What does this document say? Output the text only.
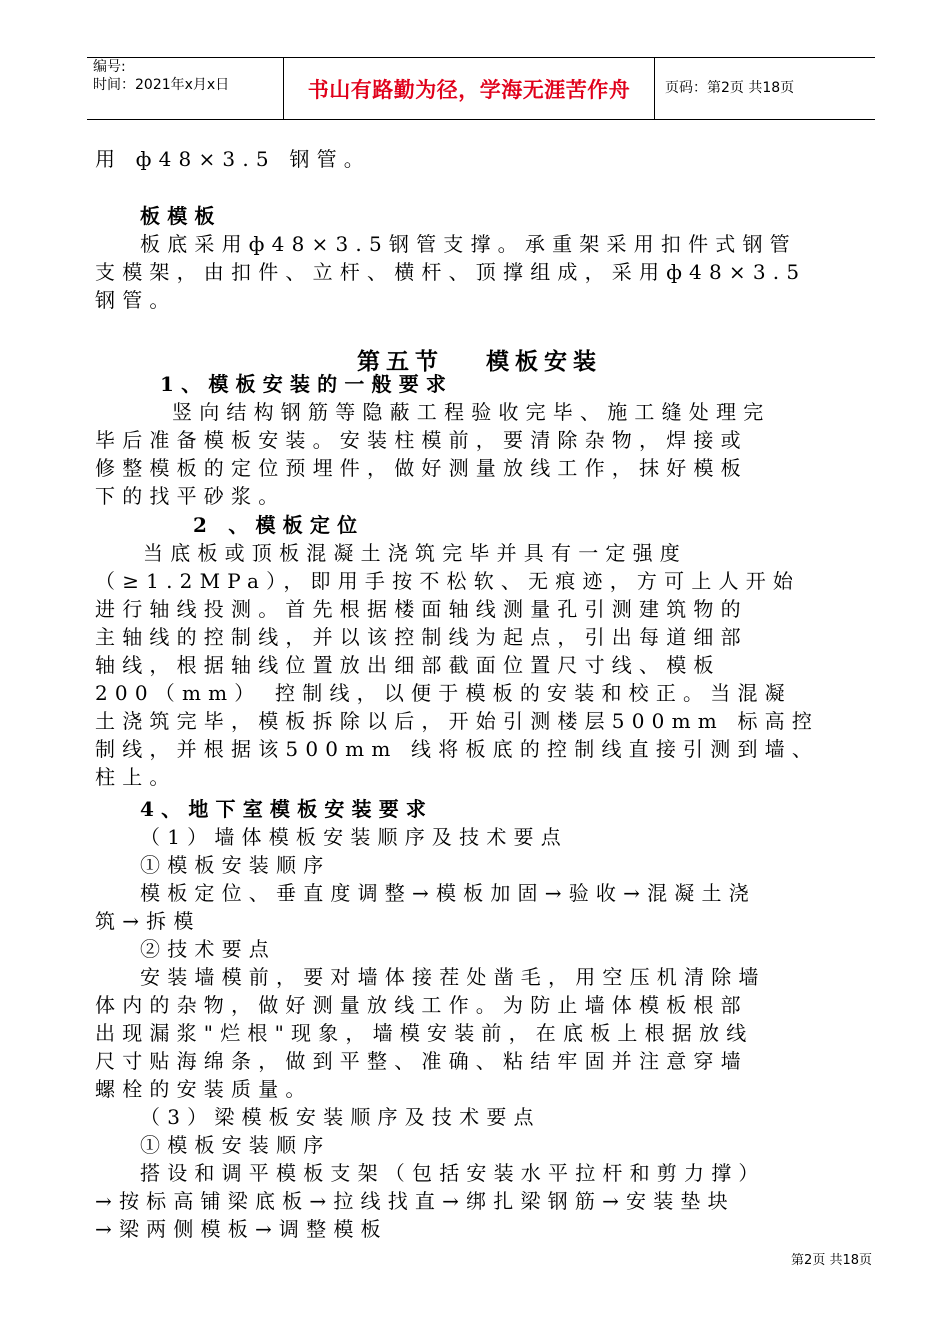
编号:
时间：2021年x月x日	书山有路勤为径，学海无涯苦作舟 页码：第2页 共18页
用 ф48×3.5 钢管。
板模板
板底采用ф48×3.5钢管支撑。承重架采用扣件式钢管
支模架，由扣件、立杆、横杆、顶撑组成，采用ф48×3.5
钢管。
第五节   模板安装
1、模板安装的一般要求
竖向结构钢筋等隐蔽工程验收完毕、施工缝处理完
毕后准备模板安装。安装柱模前，要清除杂物，焊接或
修整模板的定位预埋件，做好测量放线工作，抹好模板
下的找平砂浆。
2 、模板定位
当底板或顶板混凝土浇筑完毕并具有一定强度
（≥1.2MPa），即用手按不松软、无痕迹，方可上人开始
进行轴线投测。首先根据楼面轴线测量孔引测建筑物的
主轴线的控制线，并以该控制线为起点，引出每道细部
轴线，根据轴线位置放出细部截面位置尺寸线、模板
200（mm） 控制线，以便于模板的安装和校正。当混凝
土浇筑完毕，模板拆除以后，开始引测楼层500mm 标高控
制线，并根据该500mm 线将板底的控制线直接引测到墙、
柱上。
4、地下室模板安装要求
（1）墙体模板安装顺序及技术要点
①模板安装顺序
模板定位、垂直度调整→模板加固→验收→混凝土浇
筑→拆模
②技术要点
安装墙模前，要对墙体接茬处凿毛，用空压机清除墙
体内的杂物，做好测量放线工作。为防止墙体模板根部
出现漏浆"烂根"现象，墙模安装前，在底板上根据放线
尺寸贴海绵条，做到平整、准确、粘结牢固并注意穿墙
螺栓的安装质量。
（3）梁模板安装顺序及技术要点
①模板安装顺序
搭设和调平模板支架（包括安装水平拉杆和剪力撑）
→按标高铺梁底板→拉线找直→绑扎梁钢筋→安装垫块
→梁两侧模板→调整模板
第2页 共18页
